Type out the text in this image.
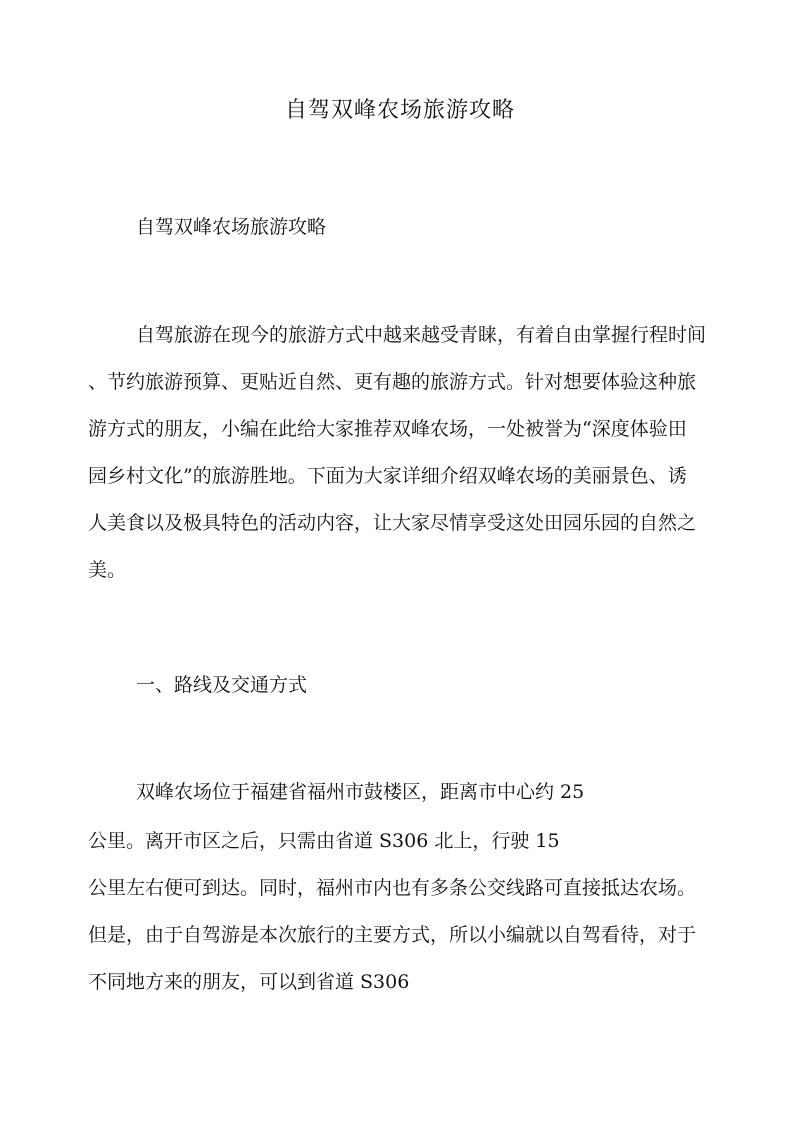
自驾双峰农场旅游攻略

自驾双峰农场旅游攻略

自驾旅游在现今的旅游方式中越来越受青睐，有着自由掌握行程时间

、节约旅游预算、更贴近自然、更有趣的旅游方式。针对想要体验这种旅

游方式的朋友，小编在此给大家推荐双峰农场，一处被誉为“深度体验田

园乡村文化”的旅游胜地。下面为大家详细介绍双峰农场的美丽景色、诱

人美食以及极具特色的活动内容，让大家尽情享受这处田园乐园的自然之

美。

一、路线及交通方式

双峰农场位于福建省福州市鼓楼区，距离市中心约 25

公里。离开市区之后，只需由省道 S306 北上，行驶 15

公里左右便可到达。同时，福州市内也有多条公交线路可直接抵达农场。

但是，由于自驾游是本次旅行的主要方式，所以小编就以自驾看待，对于

不同地方来的朋友，可以到省道 S306
